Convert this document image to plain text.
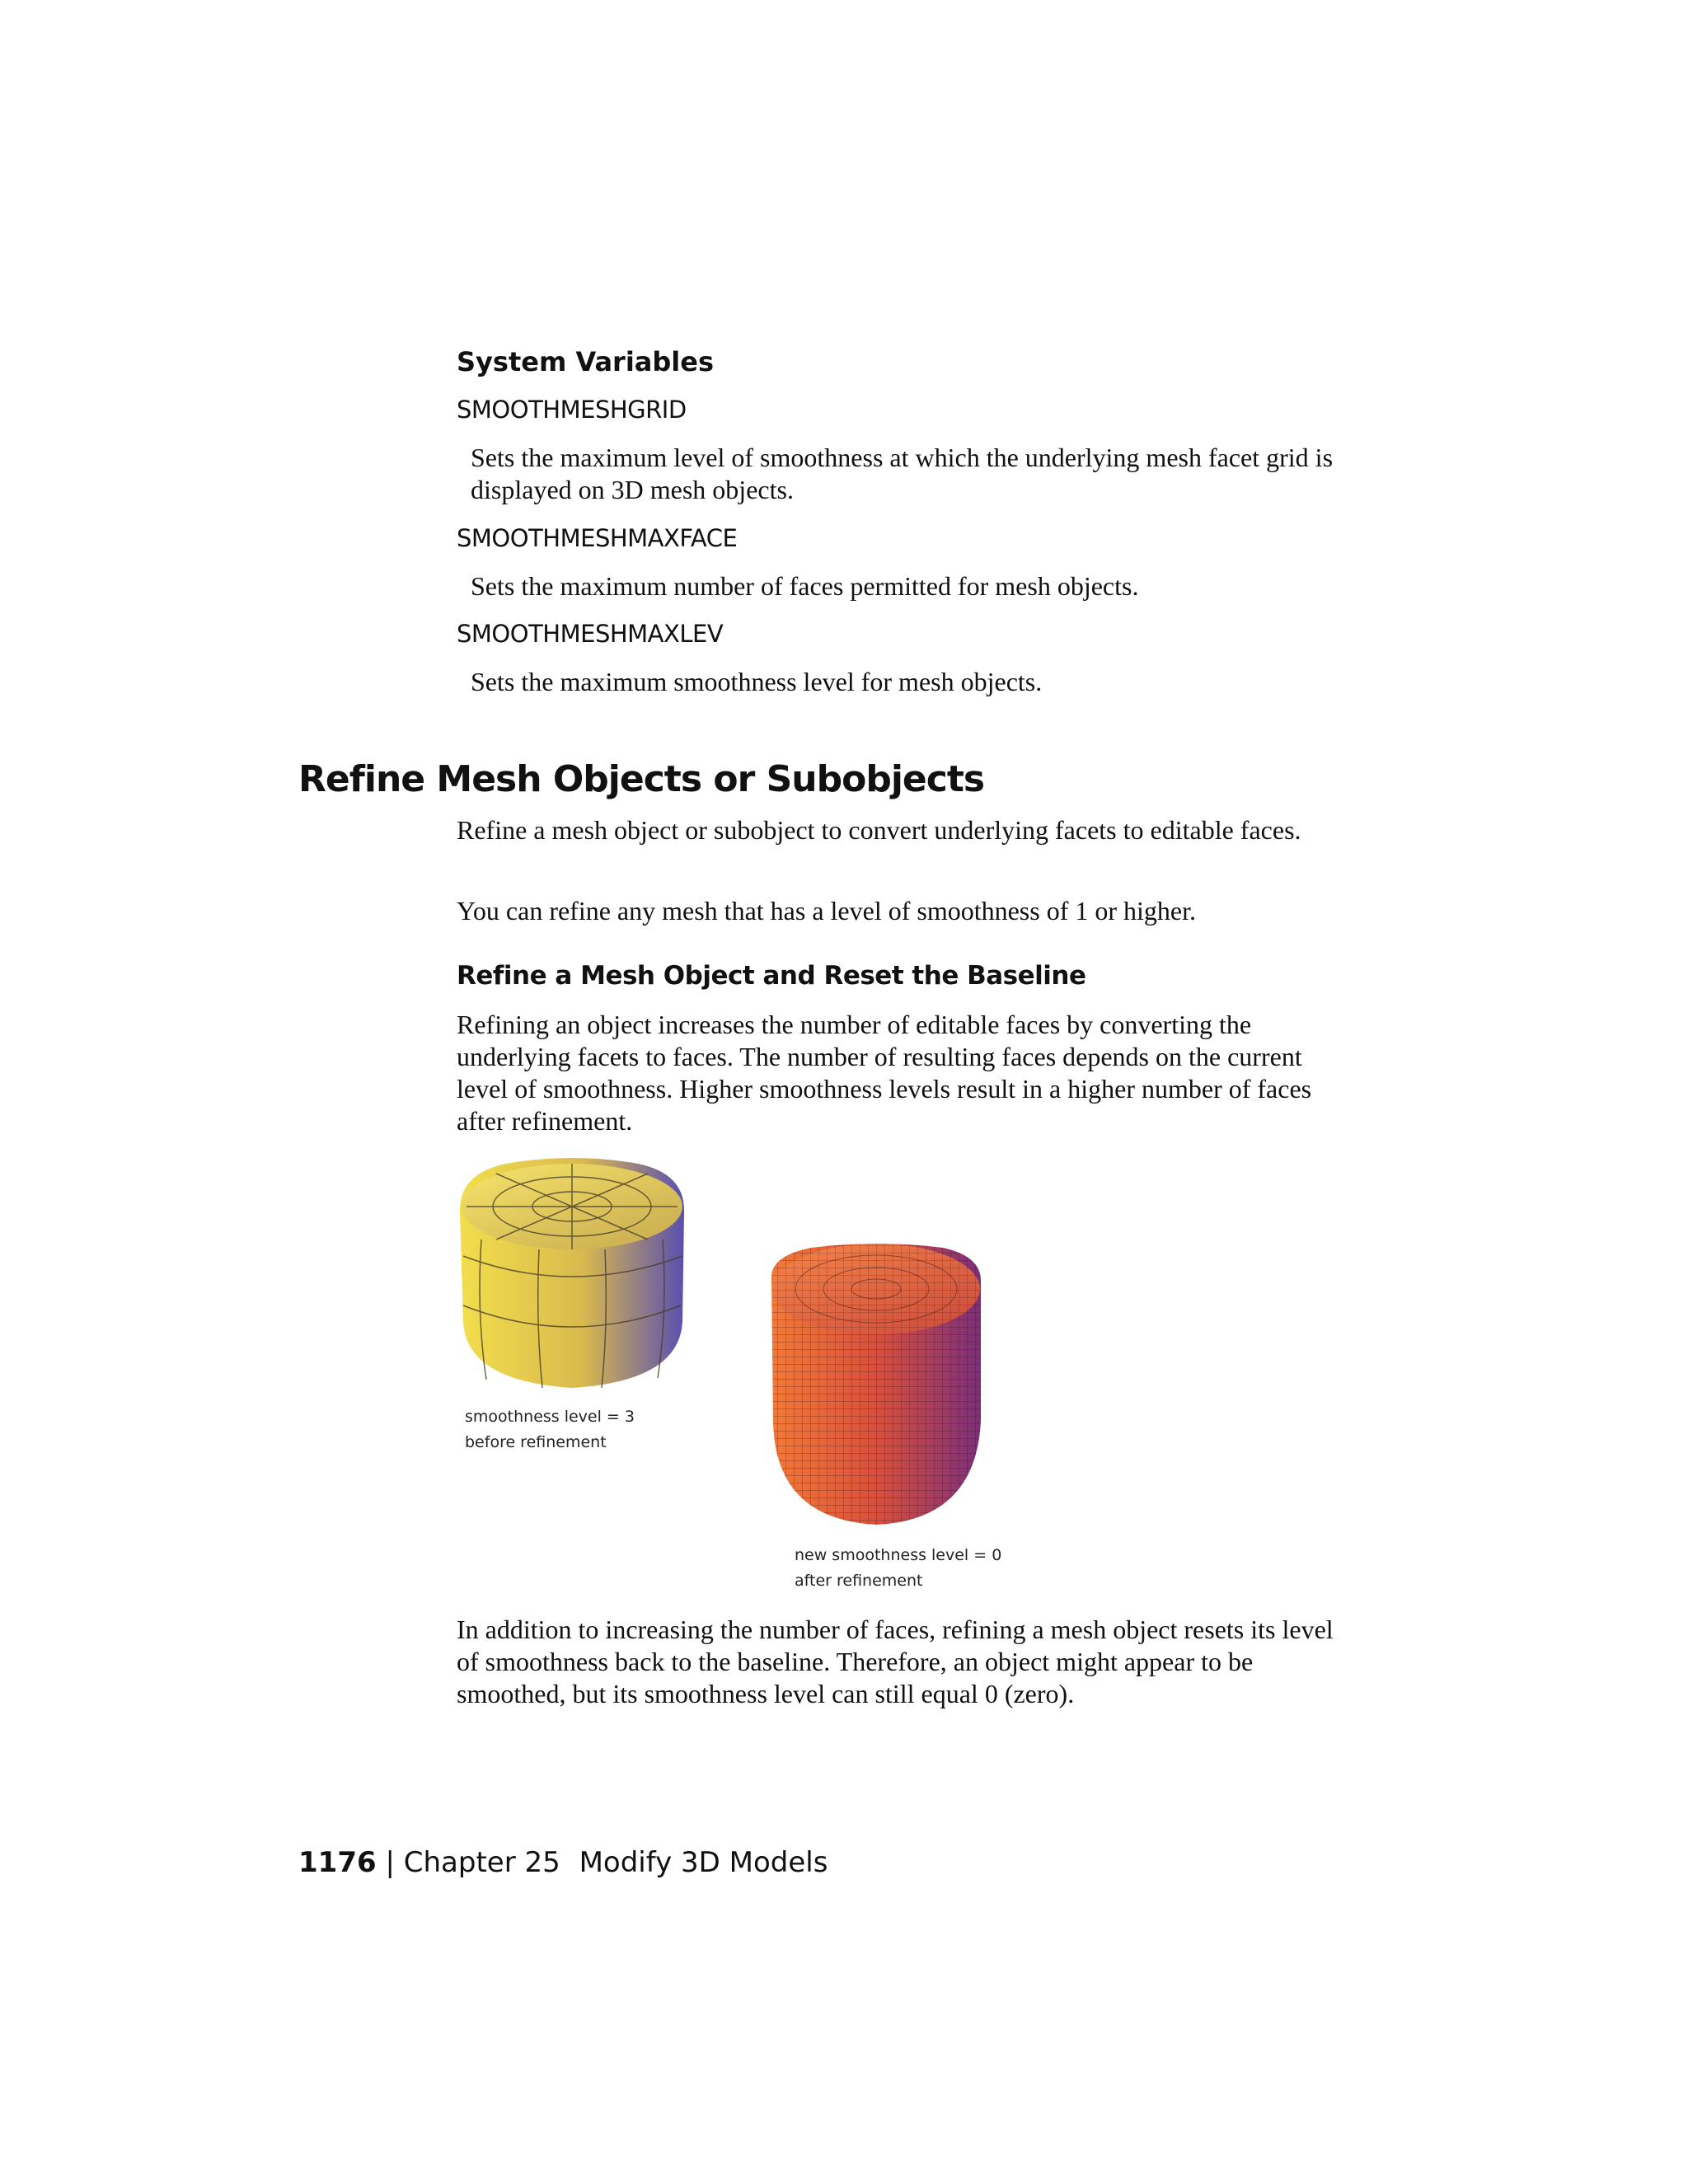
System Variables
SMOOTHMESHGRID
Sets the maximum level of smoothness at which the underlying mesh facet grid is displayed on 3D mesh objects.
SMOOTHMESHMAXFACE
Sets the maximum number of faces permitted for mesh objects.
SMOOTHMESHMAXLEV
Sets the maximum smoothness level for mesh objects.
Refine Mesh Objects or Subobjects
Refine a mesh object or subobject to convert underlying facets to editable faces.
You can refine any mesh that has a level of smoothness of 1 or higher.
Refine a Mesh Object and Reset the Baseline
Refining an object increases the number of editable faces by converting the underlying facets to faces. The number of resulting faces depends on the current level of smoothness. Higher smoothness levels result in a higher number of faces after refinement.
smoothness level = 3
before refinement
new smoothness level = 0
after refinement
In addition to increasing the number of faces, refining a mesh object resets its level of smoothness back to the baseline. Therefore, an object might appear to be smoothed, but its smoothness level can still equal 0 (zero).
1176 | Chapter 25 Modify 3D Models
